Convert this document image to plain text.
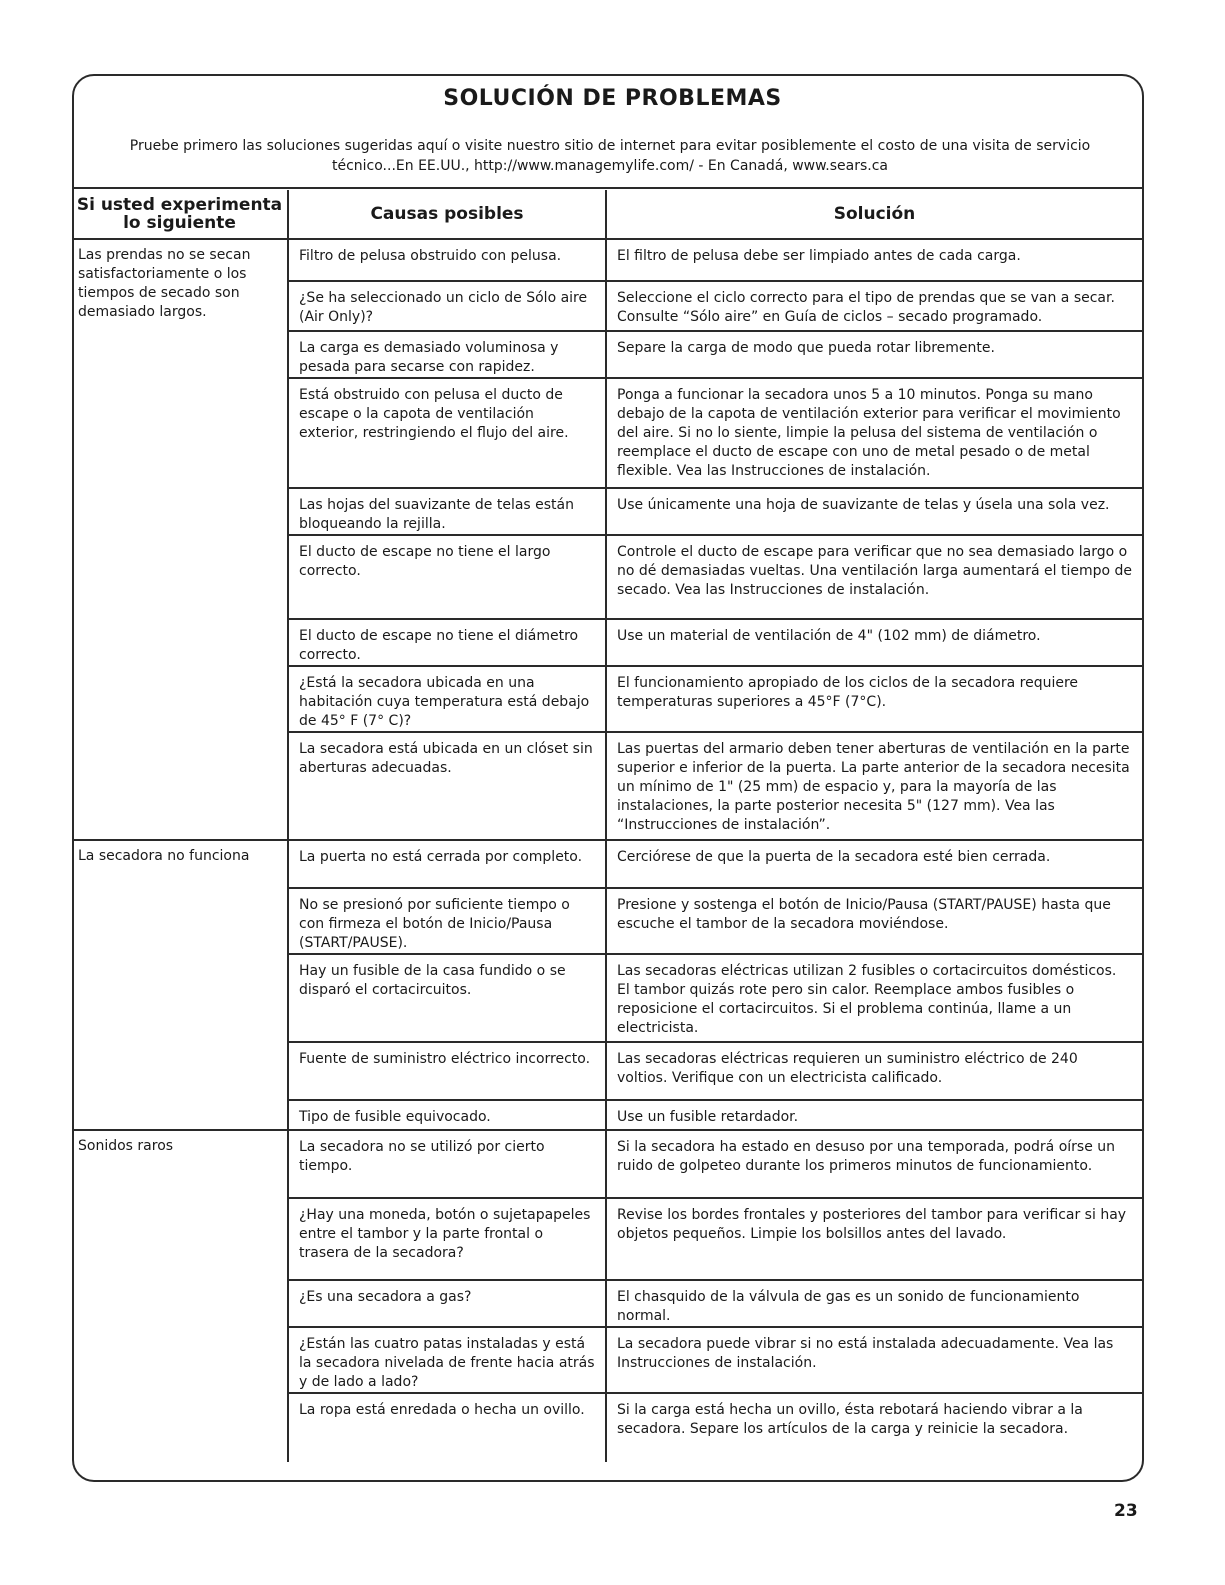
SOLUCIÓN DE PROBLEMAS
Pruebe primero las soluciones sugeridas aquí o visite nuestro sitio de internet para evitar posiblemente el costo de una visita de servicio
técnico...En EE.UU., http://www.managemylife.com/ - En Canadá, www.sears.ca
Si usted experimenta
lo siguiente	Causas posibles	Solución
Las prendas no se secan satisfactoriamente o los tiempos de secado son demasiado largos.	Filtro de pelusa obstruido con pelusa.	El filtro de pelusa debe ser limpiado antes de cada carga.
	¿Se ha seleccionado un ciclo de Sólo aire (Air Only)?	Seleccione el ciclo correcto para el tipo de prendas que se van a secar. Consulte “Sólo aire” en Guía de ciclos – secado programado.
	La carga es demasiado voluminosa y pesada para secarse con rapidez.	Separe la carga de modo que pueda rotar libremente.
	Está obstruido con pelusa el ducto de escape o la capota de ventilación exterior, restringiendo el flujo del aire.	Ponga a funcionar la secadora unos 5 a 10 minutos. Ponga su mano debajo de la capota de ventilación exterior para verificar el movimiento del aire. Si no lo siente, limpie la pelusa del sistema de ventilación o reemplace el ducto de escape con uno de metal pesado o de metal flexible. Vea las Instrucciones de instalación.
	Las hojas del suavizante de telas están bloqueando la rejilla.	Use únicamente una hoja de suavizante de telas y úsela una sola vez.
	El ducto de escape no tiene el largo correcto.	Controle el ducto de escape para verificar que no sea demasiado largo o no dé demasiadas vueltas. Una ventilación larga aumentará el tiempo de secado. Vea las Instrucciones de instalación.
	El ducto de escape no tiene el diámetro correcto.	Use un material de ventilación de 4" (102 mm) de diámetro.
	¿Está la secadora ubicada en una habitación cuya temperatura está debajo de 45° F (7° C)?	El funcionamiento apropiado de los ciclos de la secadora requiere temperaturas superiores a 45°F (7°C).
	La secadora está ubicada en un clóset sin aberturas adecuadas.	Las puertas del armario deben tener aberturas de ventilación en la parte superior e inferior de la puerta. La parte anterior de la secadora necesita un mínimo de 1" (25 mm) de espacio y, para la mayoría de las instalaciones, la parte posterior necesita 5" (127 mm). Vea las “Instrucciones de instalación”.
La secadora no funciona	La puerta no está cerrada por completo.	Cerciórese de que la puerta de la secadora esté bien cerrada.
	No se presionó por suficiente tiempo o con firmeza el botón de Inicio/Pausa (START/PAUSE).	Presione y sostenga el botón de Inicio/Pausa (START/PAUSE) hasta que escuche el tambor de la secadora moviéndose.
	Hay un fusible de la casa fundido o se disparó el cortacircuitos.	Las secadoras eléctricas utilizan 2 fusibles o cortacircuitos domésticos. El tambor quizás rote pero sin calor. Reemplace ambos fusibles o reposicione el cortacircuitos. Si el problema continúa, llame a un electricista.
	Fuente de suministro eléctrico incorrecto.	Las secadoras eléctricas requieren un suministro eléctrico de 240 voltios. Verifique con un electricista calificado.
	Tipo de fusible equivocado.	Use un fusible retardador.
Sonidos raros	La secadora no se utilizó por cierto tiempo.	Si la secadora ha estado en desuso por una temporada, podrá oírse un ruido de golpeteo durante los primeros minutos de funcionamiento.
	¿Hay una moneda, botón o sujetapapeles entre el tambor y la parte frontal o trasera de la secadora?	Revise los bordes frontales y posteriores del tambor para verificar si hay objetos pequeños. Limpie los bolsillos antes del lavado.
	¿Es una secadora a gas?	El chasquido de la válvula de gas es un sonido de funcionamiento normal.
	¿Están las cuatro patas instaladas y está la secadora nivelada de frente hacia atrás y de lado a lado?	La secadora puede vibrar si no está instalada adecuadamente. Vea las Instrucciones de instalación.
	La ropa está enredada o hecha un ovillo.	Si la carga está hecha un ovillo, ésta rebotará haciendo vibrar a la secadora. Separe los artículos de la carga y reinicie la secadora.
23
